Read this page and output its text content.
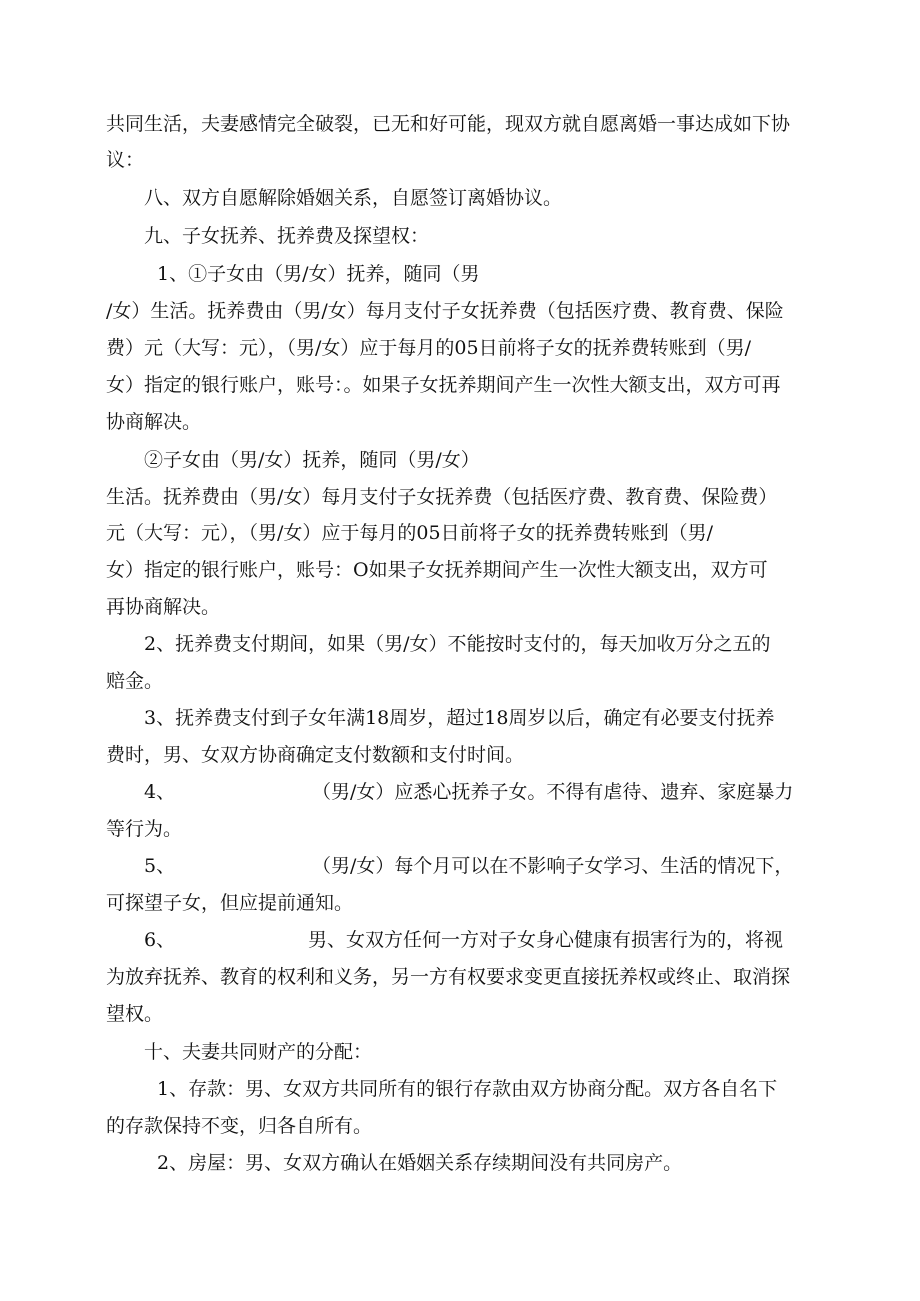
共同生活，夫妻感情完全破裂，已无和好可能，现双方就自愿离婚一事达成如下协
议：
八、双方自愿解除婚姻关系，自愿签订离婚协议。
九、子女抚养、抚养费及探望权：
1、①子女由（男/女）抚养，随同（男
/女）生活。抚养费由（男/女）每月支付子女抚养费（包括医疗费、教育费、保险
费）元（大写：元），（男/女）应于每月的05日前将子女的抚养费转账到（男/
女）指定的银行账户，账号：。如果子女抚养期间产生一次性大额支出，双方可再
协商解决。
②子女由（男/女）抚养，随同（男/女）
生活。抚养费由（男/女）每月支付子女抚养费（包括医疗费、教育费、保险费）
元（大写：元），（男/女）应于每月的05日前将子女的抚养费转账到（男/
女）指定的银行账户，账号：O如果子女抚养期间产生一次性大额支出，双方可
再协商解决。
2、抚养费支付期间，如果（男/女）不能按时支付的，每天加收万分之五的
赔金。
3、抚养费支付到子女年满18周岁，超过18周岁以后，确定有必要支付抚养
费时，男、女双方协商确定支付数额和支付时间。
4、	（男/女）应悉心抚养子女。不得有虐待、遗弃、家庭暴力
等行为。
5、	（男/女）每个月可以在不影响子女学习、生活的情况下，
可探望子女，但应提前通知。
6、	男、女双方任何一方对子女身心健康有损害行为的，将视
为放弃抚养、教育的权利和义务，另一方有权要求变更直接抚养权或终止、取消探
望权。
十、夫妻共同财产的分配：
1、存款：男、女双方共同所有的银行存款由双方协商分配。双方各自名下
的存款保持不变，归各自所有。
2、房屋：男、女双方确认在婚姻关系存续期间没有共同房产。
